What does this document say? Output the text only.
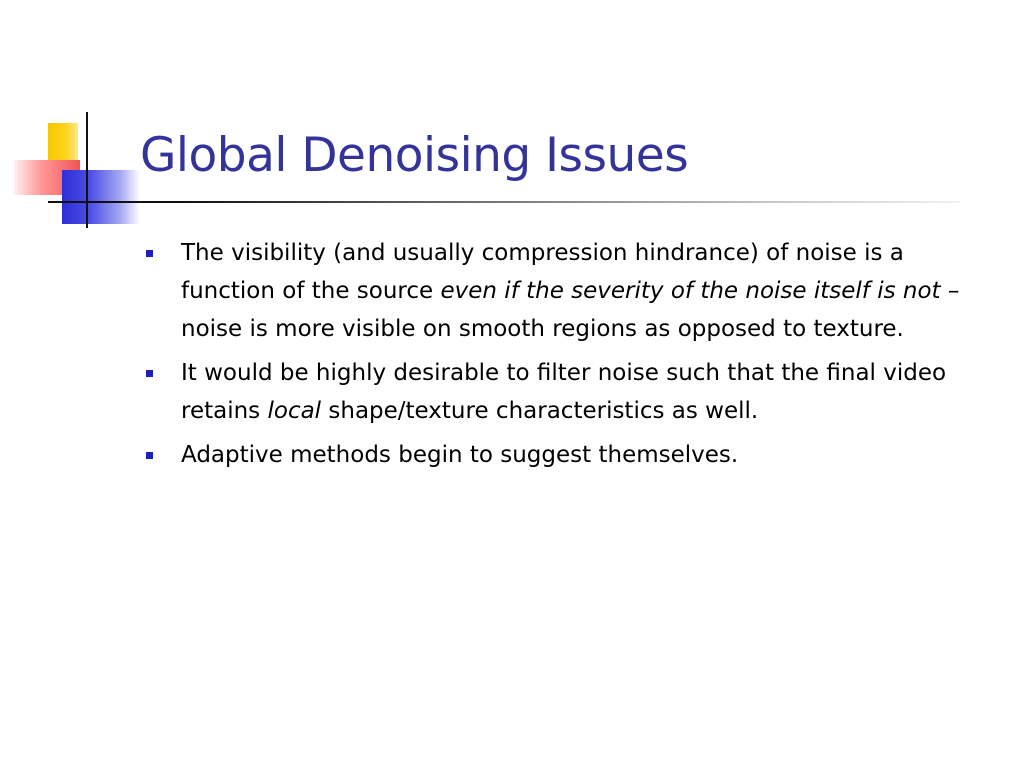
Global Denoising Issues
The visibility (and usually compression hindrance) of noise is a function of the source even if the severity of the noise itself is not – noise is more visible on smooth regions as opposed to texture.
It would be highly desirable to filter noise such that the final video retains local shape/texture characteristics as well.
Adaptive methods begin to suggest themselves.
